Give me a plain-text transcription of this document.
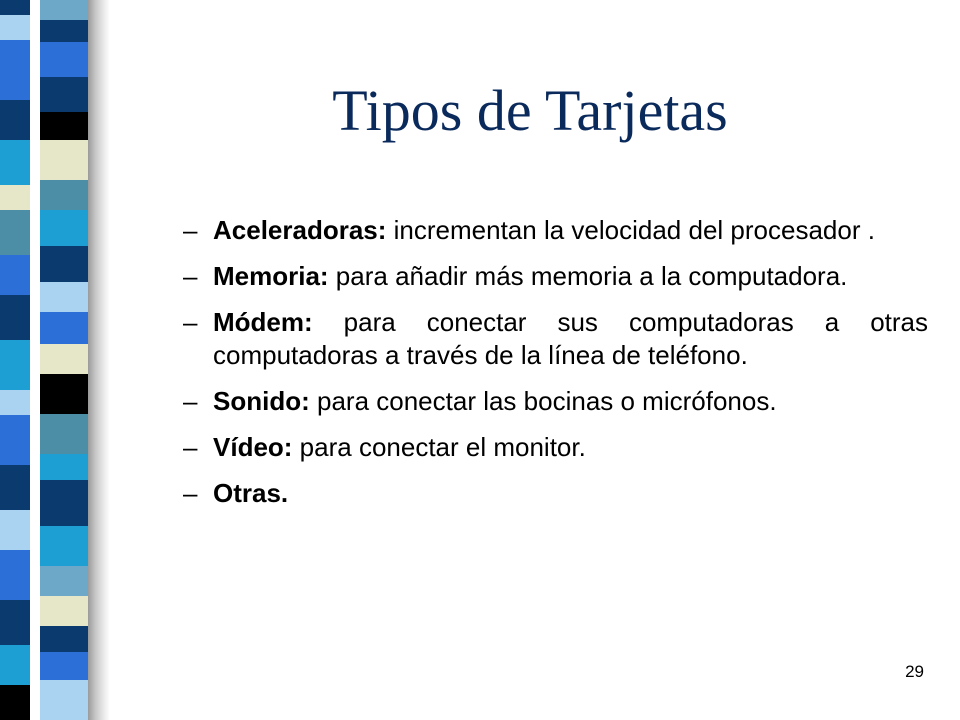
Tipos de Tarjetas
– Aceleradoras: incrementan la velocidad del procesador .
– Memoria: para añadir más memoria a la computadora.
– Módem: para conectar sus computadoras a otras computadoras a través de la línea de teléfono.
– Sonido: para conectar las bocinas o micrófonos.
– Vídeo: para conectar el monitor.
– Otras.
29
